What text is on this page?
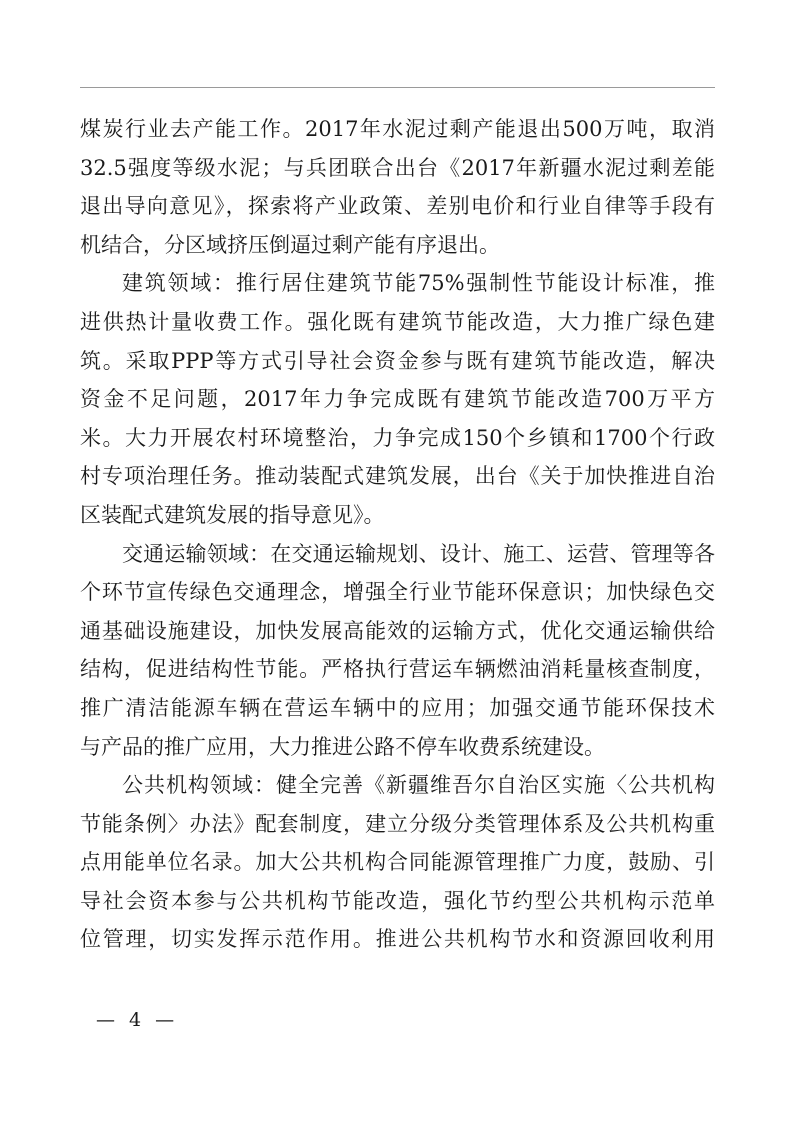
煤炭行业去产能工作。2017年水泥过剩产能退出500万吨，取消
32.5强度等级水泥；与兵团联合出台《2017年新疆水泥过剩差能
退出导向意见》，探索将产业政策、差别电价和行业自律等手段有
机结合，分区域挤压倒逼过剩产能有序退出。
建筑领域：推行居住建筑节能75%强制性节能设计标准，推
进供热计量收费工作。强化既有建筑节能改造，大力推广绿色建
筑。采取PPP等方式引导社会资金参与既有建筑节能改造，解决
资金不足问题，2017年力争完成既有建筑节能改造700万平方
米。大力开展农村环境整治，力争完成150个乡镇和1700个行政
村专项治理任务。推动装配式建筑发展，出台《关于加快推进自治
区装配式建筑发展的指导意见》。
交通运输领域：在交通运输规划、设计、施工、运营、管理等各
个环节宣传绿色交通理念，增强全行业节能环保意识；加快绿色交
通基础设施建设，加快发展高能效的运输方式，优化交通运输供给
结构，促进结构性节能。严格执行营运车辆燃油消耗量核查制度，
推广清洁能源车辆在营运车辆中的应用；加强交通节能环保技术
与产品的推广应用，大力推进公路不停车收费系统建设。
公共机构领域：健全完善《新疆维吾尔自治区实施〈公共机构
节能条例〉办法》配套制度，建立分级分类管理体系及公共机构重
点用能单位名录。加大公共机构合同能源管理推广力度，鼓励、引
导社会资本参与公共机构节能改造，强化节约型公共机构示范单
位管理，切实发挥示范作用。推进公共机构节水和资源回收利用
— 4 —
